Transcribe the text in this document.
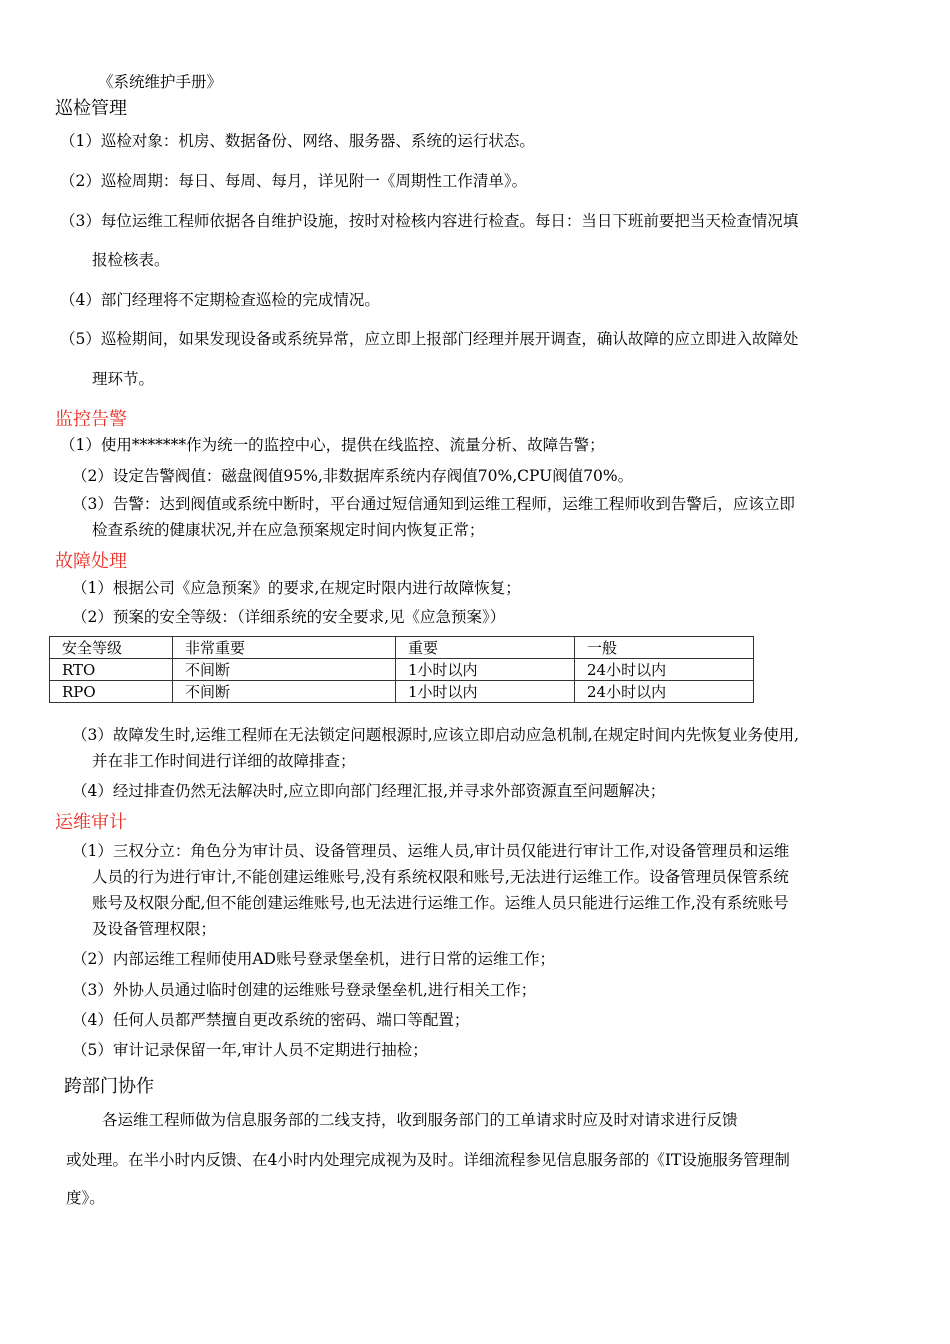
《系统维护手册》
巡检管理
（1）巡检对象：机房、数据备份、网络、服务器、系统的运行状态。
（2）巡检周期：每日、每周、每月，详见附一《周期性工作清单》。
（3）每位运维工程师依据各自维护设施，按时对检核内容进行检查。每日：当日下班前要把当天检查情况填
报检核表。
（4）部门经理将不定期检查巡检的完成情况。
（5）巡检期间，如果发现设备或系统异常，应立即上报部门经理并展开调查，确认故障的应立即进入故障处
理环节。
监控告警
（1）使用*******作为统一的监控中心，提供在线监控、流量分析、故障告警；
（2）设定告警阀值：磁盘阀值95%,非数据库系统内存阀值70%,CPU阀值70%。
（3）告警：达到阀值或系统中断时，平台通过短信通知到运维工程师，运维工程师收到告警后，应该立即
检查系统的健康状况,并在应急预案规定时间内恢复正常；
故障处理
（1）根据公司《应急预案》的要求,在规定时限内进行故障恢复；
（2）预案的安全等级：（详细系统的安全要求,见《应急预案》）
安全等级	非常重要	重要	一般
RTO	不间断	1小时以内	24小时以内
RPO	不间断	1小时以内	24小时以内
（3）故障发生时,运维工程师在无法锁定问题根源时,应该立即启动应急机制,在规定时间内先恢复业务使用,
并在非工作时间进行详细的故障排查；
（4）经过排查仍然无法解决时,应立即向部门经理汇报,并寻求外部资源直至问题解决；
运维审计
（1）三权分立：角色分为审计员、设备管理员、运维人员,审计员仅能进行审计工作,对设备管理员和运维
人员的行为进行审计,不能创建运维账号,没有系统权限和账号,无法进行运维工作。设备管理员保管系统
账号及权限分配,但不能创建运维账号,也无法进行运维工作。运维人员只能进行运维工作,没有系统账号
及设备管理权限；
（2）内部运维工程师使用AD账号登录堡垒机，进行日常的运维工作；
（3）外协人员通过临时创建的运维账号登录堡垒机,进行相关工作；
（4）任何人员都严禁擅自更改系统的密码、端口等配置；
（5）审计记录保留一年,审计人员不定期进行抽检；
跨部门协作
各运维工程师做为信息服务部的二线支持，收到服务部门的工单请求时应及时对请求进行反馈
或处理。在半小时内反馈、在4小时内处理完成视为及时。详细流程参见信息服务部的《IT设施服务管理制
度》。
